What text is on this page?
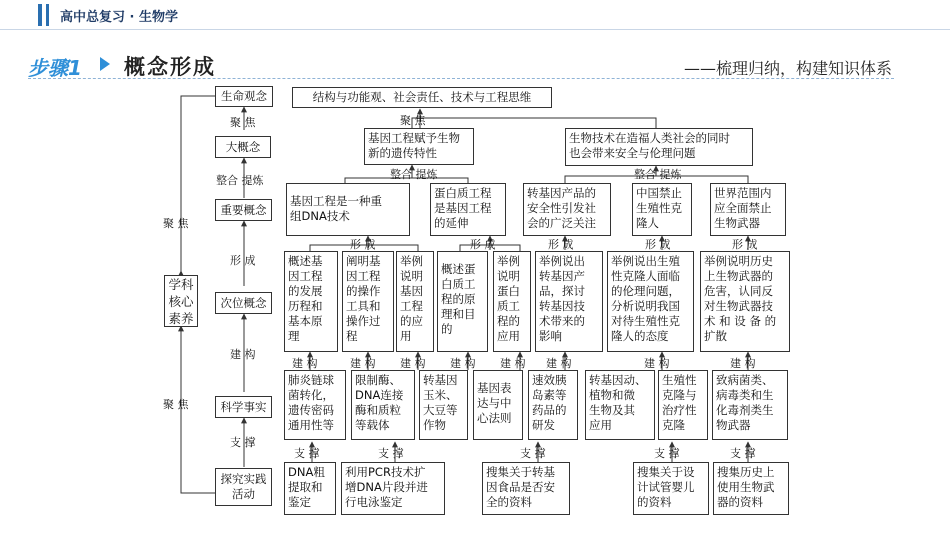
高中总复习 · 生物学
步骤1 概念形成	——梳理归纳，构建知识体系
生命观念
大概念
重要概念
次位概念
科学事实
探究实践
活动
学科
核心
素养
聚 焦
整合 提炼
形 成
建 构
支 撑
聚 焦
聚 焦
结构与功能观、社会责任、技术与工程思维
聚 焦
基因工程赋予生物
新的遗传特性
生物技术在造福人类社会的同时
也会带来安全与伦理问题
整合 提炼	整合 提炼
基因工程是一种重
组DNA技术
蛋白质工程
是基因工程
的延伸
转基因产品的
安全性引发社
会的广泛关注
中国禁止
生殖性克
隆人
世界范围内
应全面禁止
生物武器
形 成	形 成	形 成	形 成	形 成
概述基
因工程
的发展
历程和
基本原
理
阐明基
因工程
的操作
工具和
操作过
程
举例
说明
基因
工程
的应
用
概述蛋
白质工
程的原
理和目
的
举例
说明
蛋白
质工
程的
应用
举例说出
转基因产
品，探讨
转基因技
术带来的
影响
举例说出生殖
性克隆人面临
的伦理问题，
分析说明我国
对待生殖性克
隆人的态度
举例说明历史
上生物武器的
危害，认同反
对生物武器技
术 和 设 备 的
扩散
建 构	建 构 建 构 建 构 建 构 建 构	建 构	建 构
肺炎链球
菌转化，
遗传密码
通用性等
限制酶、
DNA连接
酶和质粒
等载体
转基因
玉米、
大豆等
作物
基因表
达与中
心法则
速效胰
岛素等
药品的
研发
转基因动、
植物和微
生物及其
应用
生殖性
克隆与
治疗性
克隆
致病菌类、
病毒类和生
化毒剂类生
物武器
支 撑	支 撑	支 撑	支 撑	支 撑
DNA粗
提取和
鉴定
利用PCR技术扩
增DNA片段并进
行电泳鉴定
搜集关于转基
因食品是否安
全的资料
搜集关于设
计试管婴儿
的资料
搜集历史上
使用生物武
器的资料
